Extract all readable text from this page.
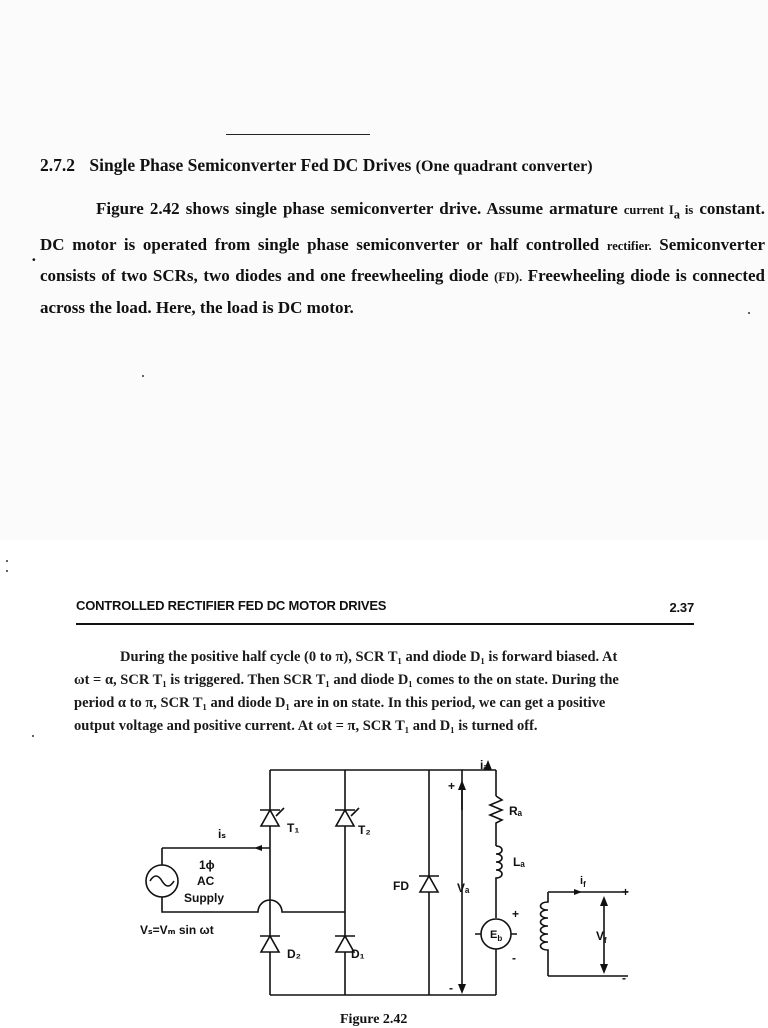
2.7.2 Single Phase Semiconverter Fed DC Drives (One quadrant converter)
·
Figure 2.42 shows single phase semiconverter drive. Assume armature current $I_a$ is constant. DC motor is operated from single phase semiconverter or half controlled rectifier. Semiconverter consists of two SCRs, two diodes and one freewheeling diode (FD). Freewheeling diode is connected across the load. Here, the load is DC motor.
CONTROLLED RECTIFIER FED DC MOTOR DRIVES	2.37
During the positive half cycle (0 to π), SCR T₁ and diode D₁ is forward biased. At
ωt = α, SCR T₁ is triggered. Then SCR T₁ and diode D₁ comes to the on state. During the
period α to π, SCR T₁ and diode D₁ are in on state. In this period, we can get a positive
output voltage and positive current. At ωt = π, SCR T₁ and D₁ is turned off.
T₁	T₂
D₂	D₁
FD
iₛ
iₐ
Rₐ
Lₐ
Vₐ
$E_b$
$i_f$
$V_f$
1ϕ
AC
Supply
Vₛ=Vₘ sin ωt
+
-
+
-
+
-
Figure 2.42
